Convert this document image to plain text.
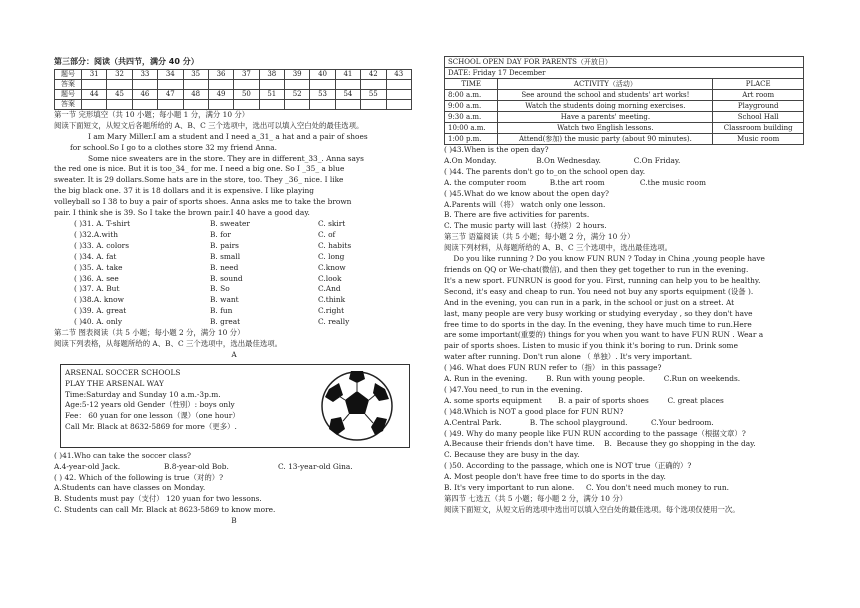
第三部分：阅读（共四节，满分 40 分）
题号	31	32	33	34	35	36	37	38	39	40	41	42	43
答案													
题号	44	45	46	47	48	49	50	51	52	53	54	55	
答案													
第一节 完形填空（共 10 小题；每小题 1 分，满分 10 分）
阅读下面短文，从短文后各题所给的 A、B、C 三个选项中，选出可以填入空白处的最佳选项。
I am Mary Miller.I am a student and I need a_31_ a hat and a pair of shoes
for school.So I go to a clothes store 32 my friend Anna.
Some nice sweaters are in the store. They are in different_33_. Anna says
the red one is nice. But it is too_34_ for me. I need a big one. So I _35_ a blue
sweater. It is 29 dollars.Some hats are in the store, too. They _36_ nice. I like
the big black one. 37 it is 18 dollars and it is expensive. I like playing
volleyball so I 38 to buy a pair of sports shoes. Anna asks me to take the brown
pair. I think she is 39. So I take the brown pair.I 40 have a good day.
( )31. A. T-shirt	B. sweater	C. skirt
( )32.A.with	B. for	C. of
( )33. A. colors	B. pairs	C. habits
( )34. A. fat	B. small	C. long
( )35. A. take	B. need	C.know
( )36. A. see	B. sound	C.look
( )37. A. But	B. So	C.And
( )38.A. know	B. want	C.think
( )39. A. great	B. fun	C.right
( )40. A. only	B. great	C. really
第二节 图表阅读（共 5 小题；每小题 2 分，满分 10 分）
阅读下列表格，从每题所给的 A、B、C 三个选项中，选出最佳选项。
A
ARSENAL SOCCER SCHOOLS
PLAY THE ARSENAL WAY
Time:Saturday and Sunday 10 a.m.-3p.m.
Age:5-12 years old Gender（性别）: boys only
Fee： 60 yuan for one lesson（课）（one hour）
Call Mr. Black at 8632-5869 for more（更多）.
( )41.Who can take the soccer class?
A.4-year-old Jack.	B.8-year-old Bob.	C. 13-year-old Gina.
( ) 42. Which of the following is true（对的）?
A.Students can have classes on Monday.
B. Students must pay（支付） 120 yuan for two lessons.
C. Students can call Mr. Black at 8623-5869 to know more.
B
SCHOOL OPEN DAY FOR PARENTS（开放日）		
DATE: Friday 17 December		
TIME	ACTIVITY（活动）	PLACE
8:00 a.m.	See around the school and students' art works!	Art room
9:00 a.m.	Watch the students doing morning exercises.	Playground
9:30 a.m.	Have a parents' meeting.	School Hall
10:00 a.m.	Watch two English lessons.	Classroom building
1:00 p.m.	Attend(参加) the music party (about 90 minutes).	Music room
( )43.When is the open day?
A.On Monday.                 B.On Wednesday.              C.On Friday.
( )44. The parents don't go to_on the school open day.
A. the computer room          B.the art room               C.the music room
( )45.What do we know about the open day?
A.Parents will（将） watch only one lesson.
B. There are five activities for parents.
C. The music party will last（持续）2 hours.
第三节 语篇阅读（共 5 小题；每小题 2 分，满分 10 分）
阅读下列材料，从每题所给的 A、B、C 三个选项中，选出最佳选项。
Do you like running ? Do you know FUN RUN ? Today in China ,young people have
friends on QQ or We-chat(微信), and then they get together to run in the evening.
It's a new sport. FUNRUN is good for you. First, running can help you to be healthy.
Second, it's easy and cheap to run. You need not buy any sports equipment (设备 ).
And in the evening, you can run in a park, in the school or just on a street. At
last, many people are very busy working or studying everyday , so they don't have
free time to do sports in the day. In the evening, they have much time to run.Here
are some important(重要的) things for you when you want to have FUN RUN . Wear a
pair of sports shoes. Listen to music if you think it's boring to run. Drink some
water after running. Don't run alone （ 单独）. It's very important.
( )46. What does FUN RUN refer to（指） in this passage?
A. Run in the evening.        B. Run with young people.        C.Run on weekends.
( )47.You need_to run in the evening.
A. some sports equipment       B. a pair of sports shoes        C. great places
( )48.Which is NOT a good place for FUN RUN?
A.Central Park.            B. The school playground.          C.Your bedroom.
( )49. Why do many people like FUN RUN according to the passage（根据文章）?
A.Because their friends don't have time.    B.  Because they go shopping in the day.
C. Because they are busy in the day.
( )50. According to the passage, which one is NOT true（正确的）?
A. Most people don't have free time to do sports in the day.
B. It's very important to run alone.     C. You don't need much money to run.
第四节 七选五（共 5 小题；每小题 2 分，满分 10 分）
阅读下面短文，从短文后的选项中选出可以填入空白处的最佳选项。每个选项仅使用一次。
